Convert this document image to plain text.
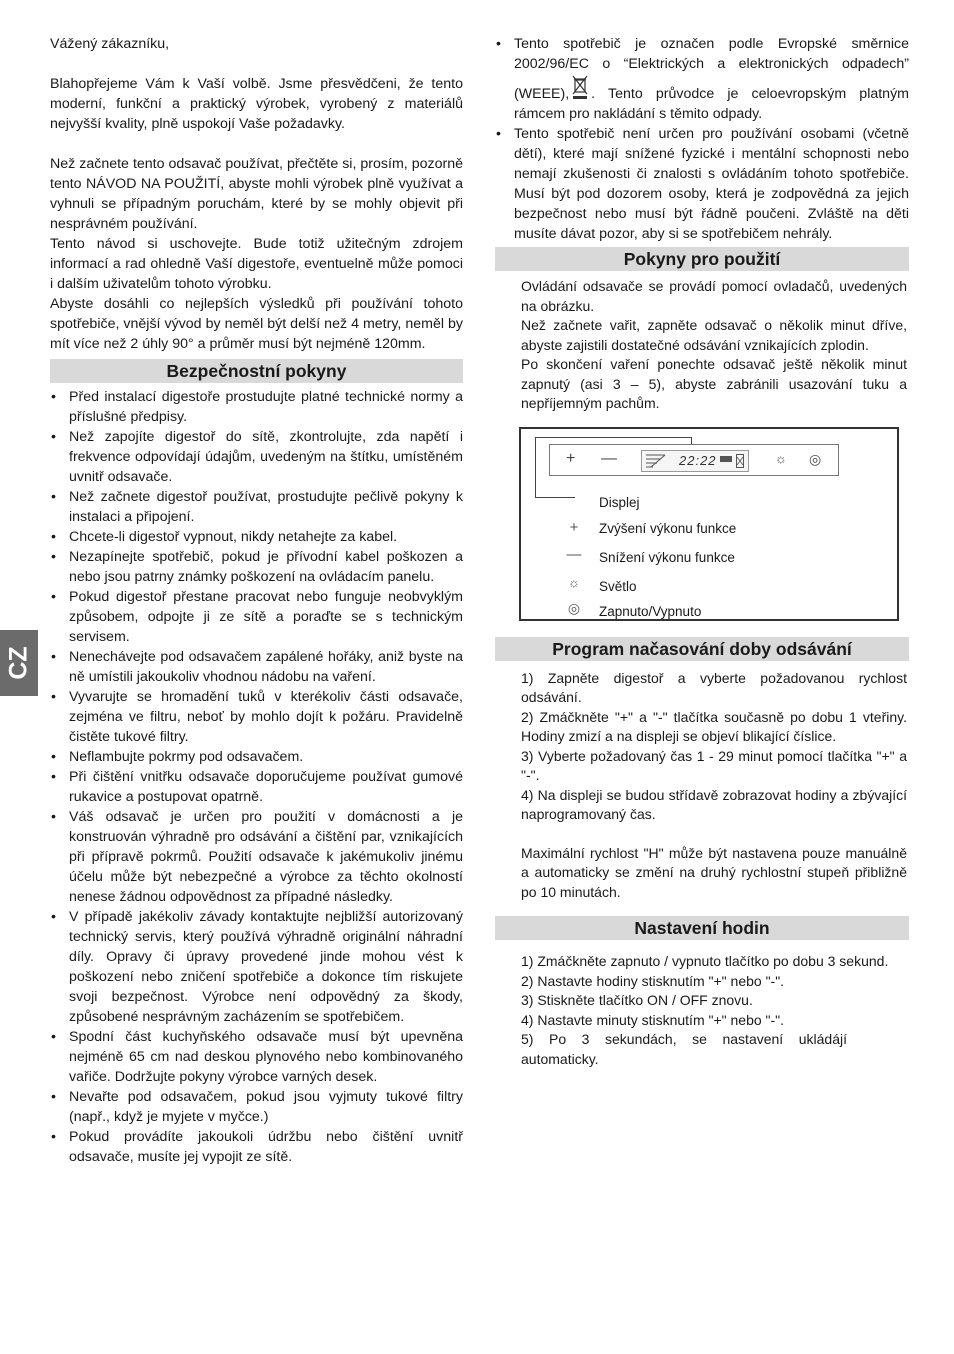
Vážený zákazníku,

Blahopřejeme Vám k Vaší volbě. Jsme přesvědčeni, že tento moderní, funkční a praktický výrobek, vyrobený z materiálů nejvyšší kvality, plně uspokojí Vaše požadavky.

Než začnete tento odsavač používat, přečtěte si, prosím, pozorně tento NÁVOD NA POUŽITÍ, abyste mohli výrobek plně využívat a vyhnuli se případným poruchám, které by se mohly objevit při nesprávném používání.

Tento návod si uschovejte. Bude totiž užitečným zdrojem informací a rad ohledně Vaší digestoře, eventuelně může pomoci i dalším uživatelům tohoto výrobku.

Abyste dosáhli co nejlepších výsledků při používání tohoto spotřebiče, vnější vývod by neměl být delší než 4 metry, neměl by mít více než 2 úhly 90° a průměr musí být nejméně 120mm.

Bezpečnostní pokyny
• Před instalací digestoře prostudujte platné technické normy a příslušné předpisy.
• Než zapojíte digestoř do sítě, zkontrolujte, zda napětí i frekvence odpovídají údajům, uvedeným na štítku, umístěném uvnitř odsavače.
• Než začnete digestoř používat, prostudujte pečlivě pokyny k instalaci a připojení.
• Chcete-li digestoř vypnout, nikdy netahejte za kabel.
• Nezapínejte spotřebič, pokud je přívodní kabel poškozen a nebo jsou patrny známky poškození na ovládacím panelu.
• Pokud digestoř přestane pracovat nebo funguje neobvyklým způsobem, odpojte ji ze sítě a poraďte se s technickým servisem.
• Nenechávejte pod odsavačem zapálené hořáky, aniž byste na ně umístili jakoukoliv vhodnou nádobu na vaření.
• Vyvarujte se hromadění tuků v kterékoliv části odsavače, zejména ve filtru, neboť by mohlo dojít k požáru. Pravidelně čistěte tukové filtry.
• Neflambujte pokrmy pod odsavačem.
• Při čištění vnitřku odsavače doporučujeme používat gumové rukavice a postupovat opatrně.
• Váš odsavač je určen pro použití v domácnosti a je konstruován výhradně pro odsávání a čištění par, vznikajících při přípravě pokrmů. Použití odsavače k jakémukoliv jinému účelu může být nebezpečné a výrobce za těchto okolností nenese žádnou odpovědnost za případné následky.
• V případě jakékoliv závady kontaktujte nejbližší autorizovaný technický servis, který používá výhradně originální náhradní díly. Opravy či úpravy provedené jinde mohou vést k poškození nebo zničení spotřebiče a dokonce tím riskujete svoji bezpečnost. Výrobce není odpovědný za škody, způsobené nesprávným zacházením se spotřebičem.
• Spodní část kuchyňského odsavače musí být upevněna nejméně 65 cm nad deskou plynového nebo kombinovaného vařiče. Dodržujte pokyny výrobce varných desek.
• Nevařte pod odsavačem, pokud jsou vyjmuty tukové filtry (např., když je myjete v myčce.)
• Pokud provádíte jakoukoli údržbu nebo čištění uvnitř odsavače, musíte jej vypojit ze sítě.
• Tento spotřebič je označen podle Evropské směrnice 2002/96/EC o “Elektrických a elektronických odpadech” (WEEE), . Tento průvodce je celoevropským platným rámcem pro nakládání s těmito odpady.
• Tento spotřebič není určen pro používání osobami (včetně dětí), které mají snížené fyzické i mentální schopnosti nebo nemají zkušenosti či znalosti s ovládáním tohoto spotřebiče. Musí být pod dozorem osoby, která je zodpovědná za jejich bezpečnost nebo musí být řádně poučeni. Zvláště na děti musíte dávat pozor, aby si se spotřebičem nehrály.
Pokyny pro použití

Ovládání odsavače se provádí pomocí ovladačů, uvedených na obrázku.

Než začnete vařit, zapněte odsavač o několik minut dříve, abyste zajistili dostatečné odsávání vznikajících zplodin.

Po skončení vaření ponechte odsavač ještě několik minut zapnutý (asi 3 – 5), abyste zabránili usazování tuku a nepříjemným pachům.

+ —	22:22	☼ ◎
Displej
+	Zvýšení výkonu funkce
— Snížení výkonu funkce
☼ Světlo
◎ Zapnuto/Vypnuto
Program načasování doby odsávání

1) Zapněte digestoř a vyberte požadovanou rychlost odsávání.

2) Zmáčkněte "+" a "-" tlačítka současně po dobu 1 vteřiny. Hodiny zmizí a na displeji se objeví blikající číslice.

3) Vyberte požadovaný čas 1 - 29 minut pomocí tlačítka "+" a "-".

4) Na displeji se budou střídavě zobrazovat hodiny a zbývající naprogramovaný čas.

Maximální rychlost "H" může být nastavena pouze manuálně a automaticky se změní na druhý rychlostní stupeň přibližně po 10 minutách.

Nastavení hodin

1) Zmáčkněte zapnuto / vypnuto tlačítko po dobu 3 sekund.

2) Nastavte hodiny stisknutím "+" nebo "-".

3) Stiskněte tlačítko ON / OFF znovu.

4) Nastavte minuty stisknutím "+" nebo "-".

5) Po 3 sekundách, se nastavení ukládájí automaticky.

CZ
